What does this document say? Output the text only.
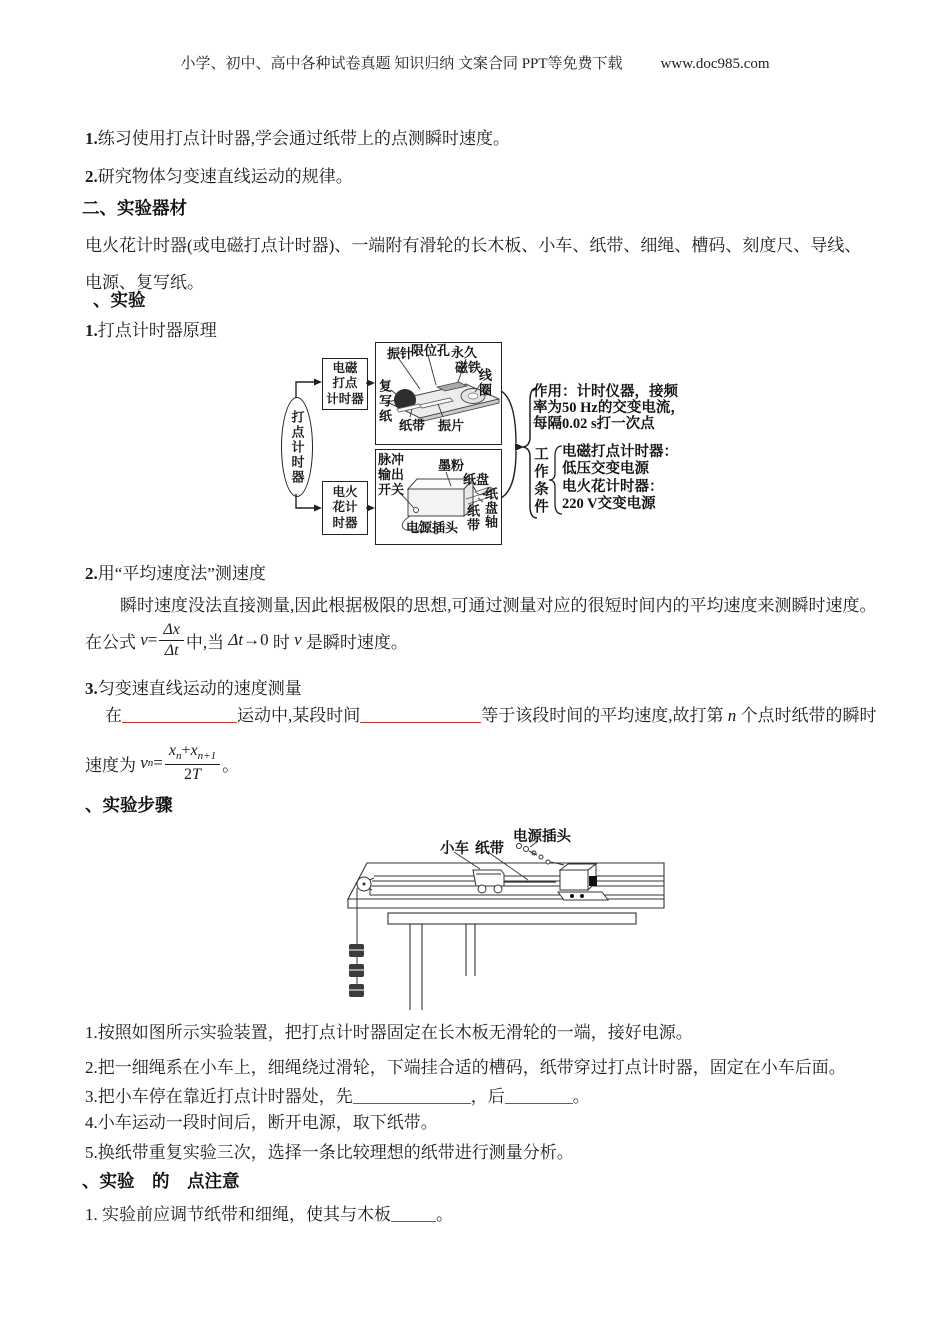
小学、初中、高中各种试卷真题 知识归纳 文案合同 PPT等免费下载	www.doc985.com
1.练习使用打点计时器,学会通过纸带上的点测瞬时速度。
2.研究物体匀变速直线运动的规律。
二、实验器材
电火花计时器(或电磁打点计时器)、一端附有滑轮的长木板、小车、纸带、细绳、槽码、刻度尺、导线、
电源、复写纸。
、实验
1.打点计时器原理
打点计时器
电磁
打点
计时器
电火
花计
时器
振针
限位孔 永久
磁铁
线圈
复写纸
纸带 振片
脉冲
输出
开关
墨粉
纸盘
纸盘轴
纸带
电源插头
作用：计时仪器，接频
率为50 Hz的交变电流，
每隔0.02 s打一次点
工作条件 电磁打点计时器：
低压交变电源
电火花计时器：
220 V交变电源
2.用“平均速度法”测速度
瞬时速度没法直接测量,因此根据极限的思想,可通过测量对应的很短时间内的平均速度来测瞬时速度。
在公式 $v = \frac{\Delta x}{\Delta t}$ 中,当 Δt →0 时 v 是瞬时速度。
3.匀变速直线运动的速度测量
在	运动中,某段时间	等于该段时间的平均速度,故打第 n 个点时纸带的瞬时
速度为 v $n = \frac{x_n+x_{n+1}}{2T}$ 。
、实验步骤
小车 纸带
电源插头
1.按照如图所示实验装置，把打点计时器固定在长木板无滑轮的一端，接好电源。
2.把一细绳系在小车上，细绳绕过滑轮，下端挂合适的槽码，纸带穿过打点计时器，固定在小车后面。
3.把小车停在靠近打点计时器处，先	，后	。
4.小车运动一段时间后，断开电源，取下纸带。
5.换纸带重复实验三次，选择一条比较理想的纸带进行测量分析。
、实验　的　点注意
1. 实验前应调节纸带和细绳，使其与木板	。
